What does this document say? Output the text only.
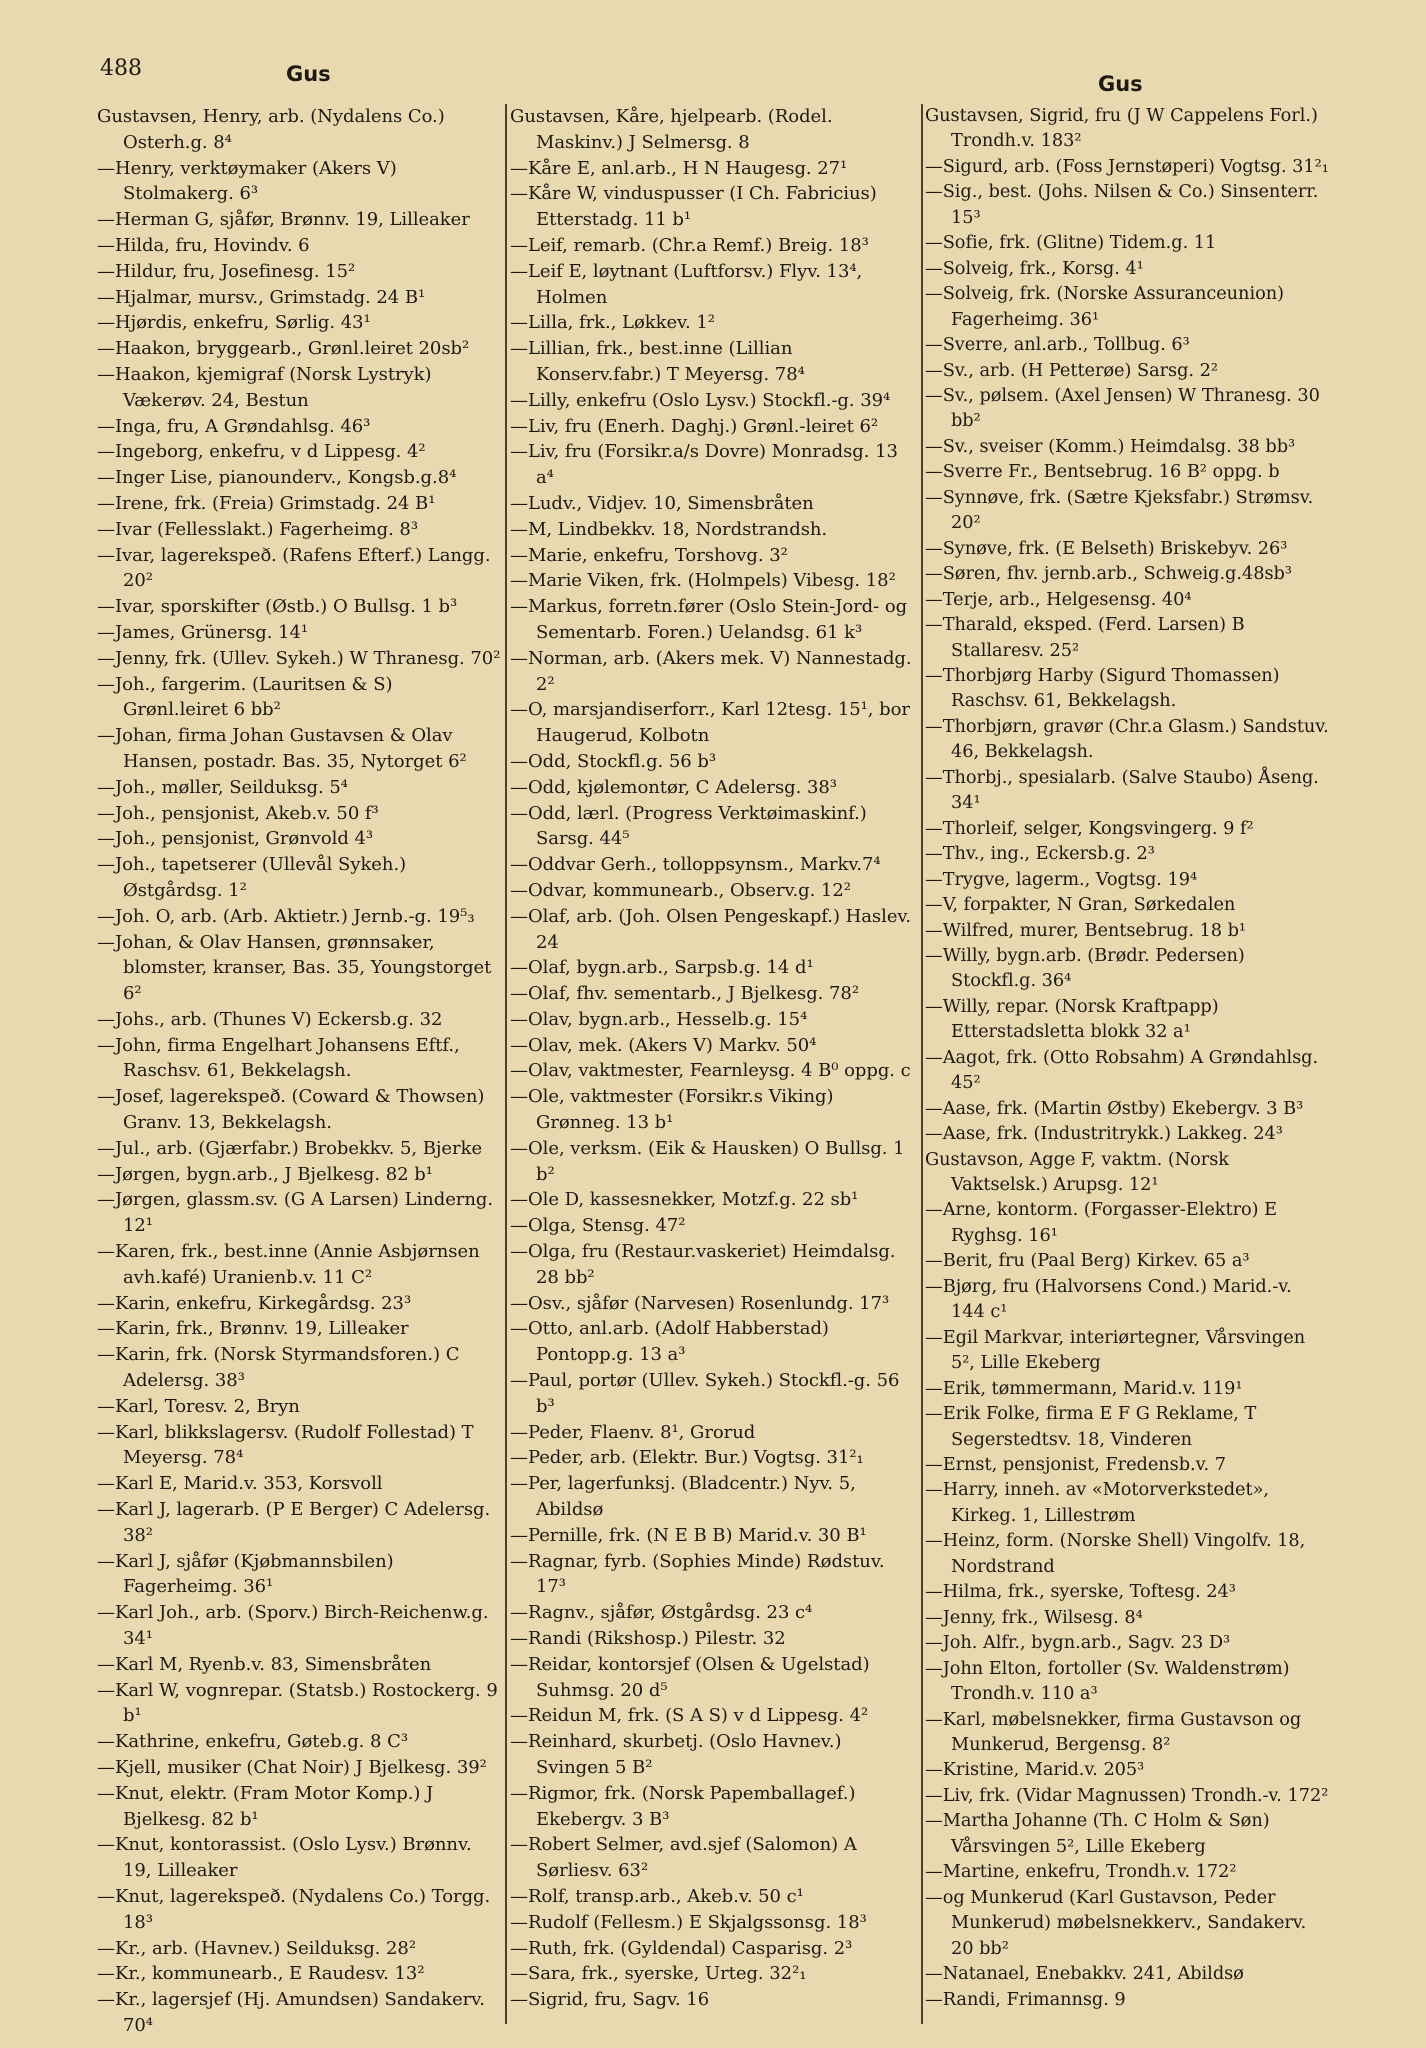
488	Gus	Gus

Gustavsen, Henry, arb. (Nydalens Co.) Osterh.g. 8⁴

—Henry, verktøymaker (Akers V) Stolmakerg. 6³

—Herman G, sjåfør, Brønnv. 19, Lilleaker

—Hilda, fru, Hovindv. 6

—Hildur, fru, Josefinesg. 15²

—Hjalmar, mursv., Grimstadg. 24 B¹

—Hjørdis, enkefru, Sørlig. 43¹

—Haakon, bryggearb., Grønl.leiret 20sb²

—Haakon, kjemigraf (Norsk Lystryk) Vækerøv. 24, Bestun

—Inga, fru, A Grøndahlsg. 46³

—Ingeborg, enkefru, v d Lippesg. 4²

—Inger Lise, pianounderv., Kongsb.g.8⁴

—Irene, frk. (Freia) Grimstadg. 24 B¹

—Ivar (Fellesslakt.) Fagerheimg. 8³

—Ivar, lagerekspeð. (Rafens Efterf.) Langg. 20²

—Ivar, sporskifter (Østb.) O Bullsg. 1 b³

—James, Grünersg. 14¹

—Jenny, frk. (Ullev. Sykeh.) W Thranesg. 70²

—Joh., fargerim. (Lauritsen & S) Grønl.leiret 6 bb²

—Johan, firma Johan Gustavsen & Olav Hansen, postadr. Bas. 35, Nytorget 6²

—Joh., møller, Seilduksg. 5⁴

—Joh., pensjonist, Akeb.v. 50 f³

—Joh., pensjonist, Grønvold 4³

—Joh., tapetserer (Ullevål Sykeh.) Østgårdsg. 1²

—Joh. O, arb. (Arb. Aktietr.) Jernb.-g. 19⁵₃

—Johan, & Olav Hansen, grønnsaker, blomster, kranser, Bas. 35, Youngstorget 6²

—Johs., arb. (Thunes V) Eckersb.g. 32

—John, firma Engelhart Johansens Eftf., Raschsv. 61, Bekkelagsh.

—Josef, lagerekspeð. (Coward & Thowsen) Granv. 13, Bekkelagsh.

—Jul., arb. (Gjærfabr.) Brobekkv. 5, Bjerke

—Jørgen, bygn.arb., J Bjelkesg. 82 b¹

—Jørgen, glassm.sv. (G A Larsen) Linderng. 12¹

—Karen, frk., best.inne (Annie Asbjørnsen avh.kafé) Uranienb.v. 11 C²

—Karin, enkefru, Kirkegårdsg. 23³

—Karin, frk., Brønnv. 19, Lilleaker

—Karin, frk. (Norsk Styrmandsforen.) C Adelersg. 38³

—Karl, Toresv. 2, Bryn

—Karl, blikkslagersv. (Rudolf Follestad) T Meyersg. 78⁴

—Karl E, Marid.v. 353, Korsvoll

—Karl J, lagerarb. (P E Berger) C Adelersg. 38²

—Karl J, sjåfør (Kjøbmannsbilen) Fagerheimg. 36¹

—Karl Joh., arb. (Sporv.) Birch-Reichenw.g. 34¹

—Karl M, Ryenb.v. 83, Simensbråten

—Karl W, vognrepar. (Statsb.) Rostockerg. 9 b¹

—Kathrine, enkefru, Gøteb.g. 8 C³

—Kjell, musiker (Chat Noir) J Bjelkesg. 39²

—Knut, elektr. (Fram Motor Komp.) J Bjelkesg. 82 b¹

—Knut, kontorassist. (Oslo Lysv.) Brønnv. 19, Lilleaker

—Knut, lagerekspeð. (Nydalens Co.) Torgg. 18³

—Kr., arb. (Havnev.) Seilduksg. 28²

—Kr., kommunearb., E Raudesv. 13²

—Kr., lagersjef (Hj. Amundsen) Sandakerv. 70⁴

Gustavsen, Kåre, hjelpearb. (Rodel. Maskinv.) J Selmersg. 8

—Kåre E, anl.arb., H N Haugesg. 27¹

—Kåre W, vinduspusser (I Ch. Fabricius) Etterstadg. 11 b¹

—Leif, remarb. (Chr.a Remf.) Breig. 18³

—Leif E, løytnant (Luftforsv.) Flyv. 13⁴, Holmen

—Lilla, frk., Løkkev. 1²

—Lillian, frk., best.inne (Lillian Konserv.fabr.) T Meyersg. 78⁴

—Lilly, enkefru (Oslo Lysv.) Stockfl.-g. 39⁴

—Liv, fru (Enerh. Daghj.) Grønl.-leiret 6²

—Liv, fru (Forsikr.a/s Dovre) Monradsg. 13 a⁴

—Ludv., Vidjev. 10, Simensbråten

—M, Lindbekkv. 18, Nordstrandsh.

—Marie, enkefru, Torshovg. 3²

—Marie Viken, frk. (Holmpels) Vibesg. 18²

—Markus, forretn.fører (Oslo Stein-Jord- og Sementarb. Foren.) Uelandsg. 61 k³

—Norman, arb. (Akers mek. V) Nannestadg. 2²

—O, marsjandiserforr., Karl 12tesg. 15¹, bor Haugerud, Kolbotn

—Odd, Stockfl.g. 56 b³

—Odd, kjølemontør, C Adelersg. 38³

—Odd, lærl. (Progress Verktøimaskinf.) Sarsg. 44⁵

—Oddvar Gerh., tolloppsynsm., Markv.7⁴

—Odvar, kommunearb., Observ.g. 12²

—Olaf, arb. (Joh. Olsen Pengeskapf.) Haslev. 24

—Olaf, bygn.arb., Sarpsb.g. 14 d¹

—Olaf, fhv. sementarb., J Bjelkesg. 78²

—Olav, bygn.arb., Hesselb.g. 15⁴

—Olav, mek. (Akers V) Markv. 50⁴

—Olav, vaktmester, Fearnleysg. 4 B⁰ oppg. c

—Ole, vaktmester (Forsikr.s Viking) Grønneg. 13 b¹

—Ole, verksm. (Eik & Hausken) O Bullsg. 1 b²

—Ole D, kassesnekker, Motzf.g. 22 sb¹

—Olga, Stensg. 47²

—Olga, fru (Restaur.vaskeriet) Heimdalsg. 28 bb²

—Osv., sjåfør (Narvesen) Rosenlundg. 17³

—Otto, anl.arb. (Adolf Habberstad) Pontopp.g. 13 a³

—Paul, portør (Ullev. Sykeh.) Stockfl.-g. 56 b³

—Peder, Flaenv. 8¹, Grorud

—Peder, arb. (Elektr. Bur.) Vogtsg. 31²₁

—Per, lagerfunksj. (Bladcentr.) Nyv. 5, Abildsø

—Pernille, frk. (N E B B) Marid.v. 30 B¹

—Ragnar, fyrb. (Sophies Minde) Rødstuv. 17³

—Ragnv., sjåfør, Østgårdsg. 23 c⁴

—Randi (Rikshosp.) Pilestr. 32

—Reidar, kontorsjef (Olsen & Ugelstad) Suhmsg. 20 d⁵

—Reidun M, frk. (S A S) v d Lippesg. 4²

—Reinhard, skurbetj. (Oslo Havnev.) Svingen 5 B²

—Rigmor, frk. (Norsk Papemballagef.) Ekebergv. 3 B³

—Robert Selmer, avd.sjef (Salomon) A Sørliesv. 63²

—Rolf, transp.arb., Akeb.v. 50 c¹

—Rudolf (Fellesm.) E Skjalgssonsg. 18³

—Ruth, frk. (Gyldendal) Casparisg. 2³

—Sara, frk., syerske, Urteg. 32²₁

—Sigrid, fru, Sagv. 16

Gustavsen, Sigrid, fru (J W Cappelens Forl.) Trondh.v. 183²

—Sigurd, arb. (Foss Jernstøperi) Vogtsg. 31²₁

—Sig., best. (Johs. Nilsen & Co.) Sinsenterr. 15³

—Sofie, frk. (Glitne) Tidem.g. 11

—Solveig, frk., Korsg. 4¹

—Solveig, frk. (Norske Assuranceunion) Fagerheimg. 36¹

—Sverre, anl.arb., Tollbug. 6³

—Sv., arb. (H Petterøe) Sarsg. 2²

—Sv., pølsem. (Axel Jensen) W Thranesg. 30 bb²

—Sv., sveiser (Komm.) Heimdalsg. 38 bb³

—Sverre Fr., Bentsebrug. 16 B² oppg. b

—Synnøve, frk. (Sætre Kjeksfabr.) Strømsv. 20²

—Synøve, frk. (E Belseth) Briskebyv. 26³

—Søren, fhv. jernb.arb., Schweig.g.48sb³

—Terje, arb., Helgesensg. 40⁴

—Tharald, eksped. (Ferd. Larsen) B Stallaresv. 25²

—Thorbjørg Harby (Sigurd Thomassen) Raschsv. 61, Bekkelagsh.

—Thorbjørn, gravør (Chr.a Glasm.) Sandstuv. 46, Bekkelagsh.

—Thorbj., spesialarb. (Salve Staubo) Åseng. 34¹

—Thorleif, selger, Kongsvingerg. 9 f²

—Thv., ing., Eckersb.g. 2³

—Trygve, lagerm., Vogtsg. 19⁴

—V, forpakter, N Gran, Sørkedalen

—Wilfred, murer, Bentsebrug. 18 b¹

—Willy, bygn.arb. (Brødr. Pedersen) Stockfl.g. 36⁴

—Willy, repar. (Norsk Kraftpapp) Etterstadsletta blokk 32 a¹

—Aagot, frk. (Otto Robsahm) A Grøndahlsg. 45²

—Aase, frk. (Martin Østby) Ekebergv. 3 B³

—Aase, frk. (Industritrykk.) Lakkeg. 24³

Gustavson, Agge F, vaktm. (Norsk Vaktselsk.) Arupsg. 12¹

—Arne, kontorm. (Forgasser-Elektro) E Ryghsg. 16¹

—Berit, fru (Paal Berg) Kirkev. 65 a³

—Bjørg, fru (Halvorsens Cond.) Marid.-v. 144 c¹

—Egil Markvar, interiørtegner, Vårsvingen 5², Lille Ekeberg

—Erik, tømmermann, Marid.v. 119¹

—Erik Folke, firma E F G Reklame, T Segerstedtsv. 18, Vinderen

—Ernst, pensjonist, Fredensb.v. 7

—Harry, inneh. av «Motorverkstedet», Kirkeg. 1, Lillestrøm

—Heinz, form. (Norske Shell) Vingolfv. 18, Nordstrand

—Hilma, frk., syerske, Toftesg. 24³

—Jenny, frk., Wilsesg. 8⁴

—Joh. Alfr., bygn.arb., Sagv. 23 D³

—John Elton, fortoller (Sv. Waldenstrøm) Trondh.v. 110 a³

—Karl, møbelsnekker, firma Gustavson og Munkerud, Bergensg. 8²

—Kristine, Marid.v. 205³

—Liv, frk. (Vidar Magnussen) Trondh.-v. 172²

—Martha Johanne (Th. C Holm & Søn) Vårsvingen 5², Lille Ekeberg

—Martine, enkefru, Trondh.v. 172²

—og Munkerud (Karl Gustavson, Peder Munkerud) møbelsnekkerv., Sandakerv. 20 bb²

—Natanael, Enebakkv. 241, Abildsø

—Randi, Frimannsg. 9
